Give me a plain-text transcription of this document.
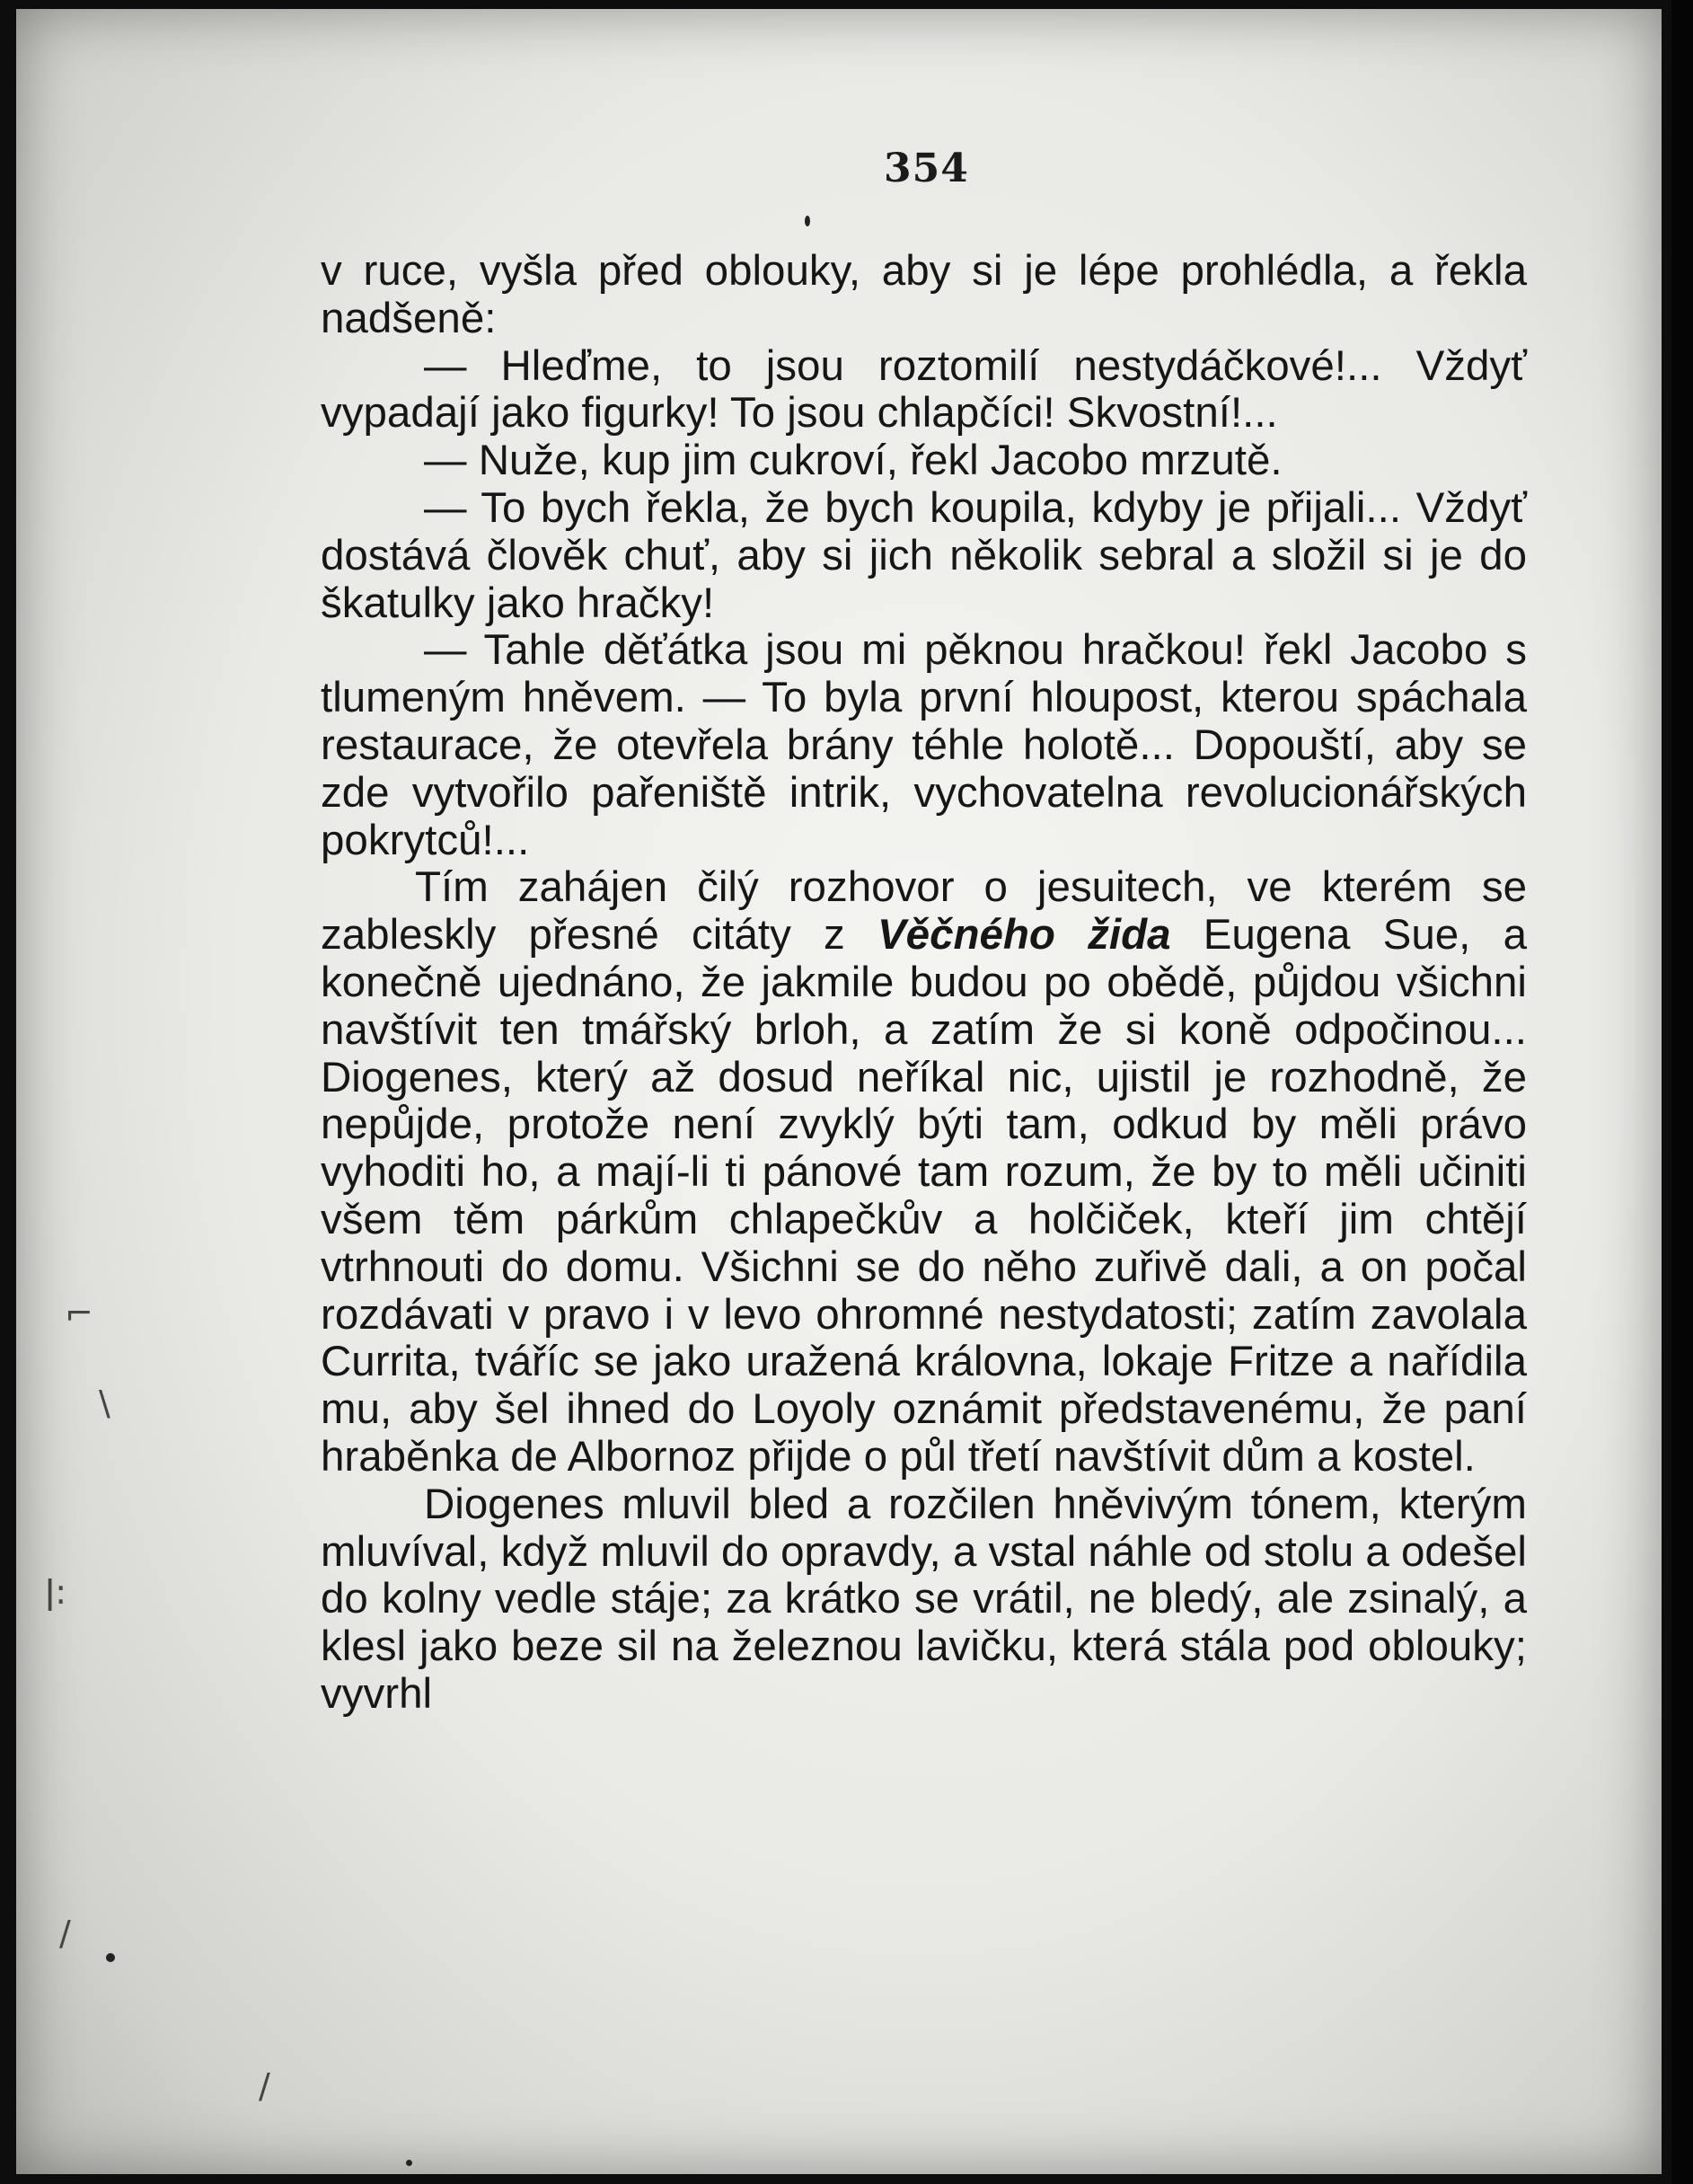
354
⌐
\
ǀ:
/
/

v ruce, vyšla před oblouky, aby si je lépe prohlédla, a řekla nadšeně:

— Hleďme, to jsou roztomilí nestydáčkové!... Vždyť vypadají jako figurky! To jsou chlapčíci! Skvostní!...

— Nuže, kup jim cukroví, řekl Jacobo mrzutě.

— To bych řekla, že bych koupila, kdyby je přijali... Vždyť dostává člověk chuť, aby si jich několik sebral a složil si je do škatulky jako hračky!

— Tahle děťátka jsou mi pěknou hračkou! řekl Jacobo s tlumeným hněvem. — To byla první hloupost, kterou spáchala restaurace, že otevřela brány téhle holotě... Dopouští, aby se zde vytvořilo pařeniště intrik, vychovatelna revolucionářských pokrytců!...

Tím zahájen čilý rozhovor o jesuitech, ve kterém se zableskly přesné citáty z Věčného žida Eugena Sue, a konečně ujednáno, že jakmile budou po obědě, půjdou všichni navštívit ten tmářský brloh, a zatím že si koně odpočinou... Diogenes, který až dosud neříkal nic, ujistil je rozhodně, že nepůjde, protože není zvyklý býti tam, odkud by měli právo vyhoditi ho, a mají-li ti pánové tam rozum, že by to měli učiniti všem těm párkům chlapečkův a holčiček, kteří jim chtějí vtrhnouti do domu. Všichni se do něho zuřivě dali, a on počal rozdávati v pravo i v levo ohromné nestydatosti; zatím zavolala Currita, tváříc se jako uražená královna, lokaje Fritze a nařídila mu, aby šel ihned do Loyoly oznámit představenému, že paní hraběnka de Albornoz přijde o půl třetí navštívit dům a kostel.

Diogenes mluvil bled a rozčilen hněvivým tónem, kterým mluvíval, když mluvil do opravdy, a vstal náhle od stolu a odešel do kolny vedle stáje; za krátko se vrátil, ne bledý, ale zsinalý, a klesl jako beze sil na železnou lavičku, která stála pod oblouky; vyvrhl
